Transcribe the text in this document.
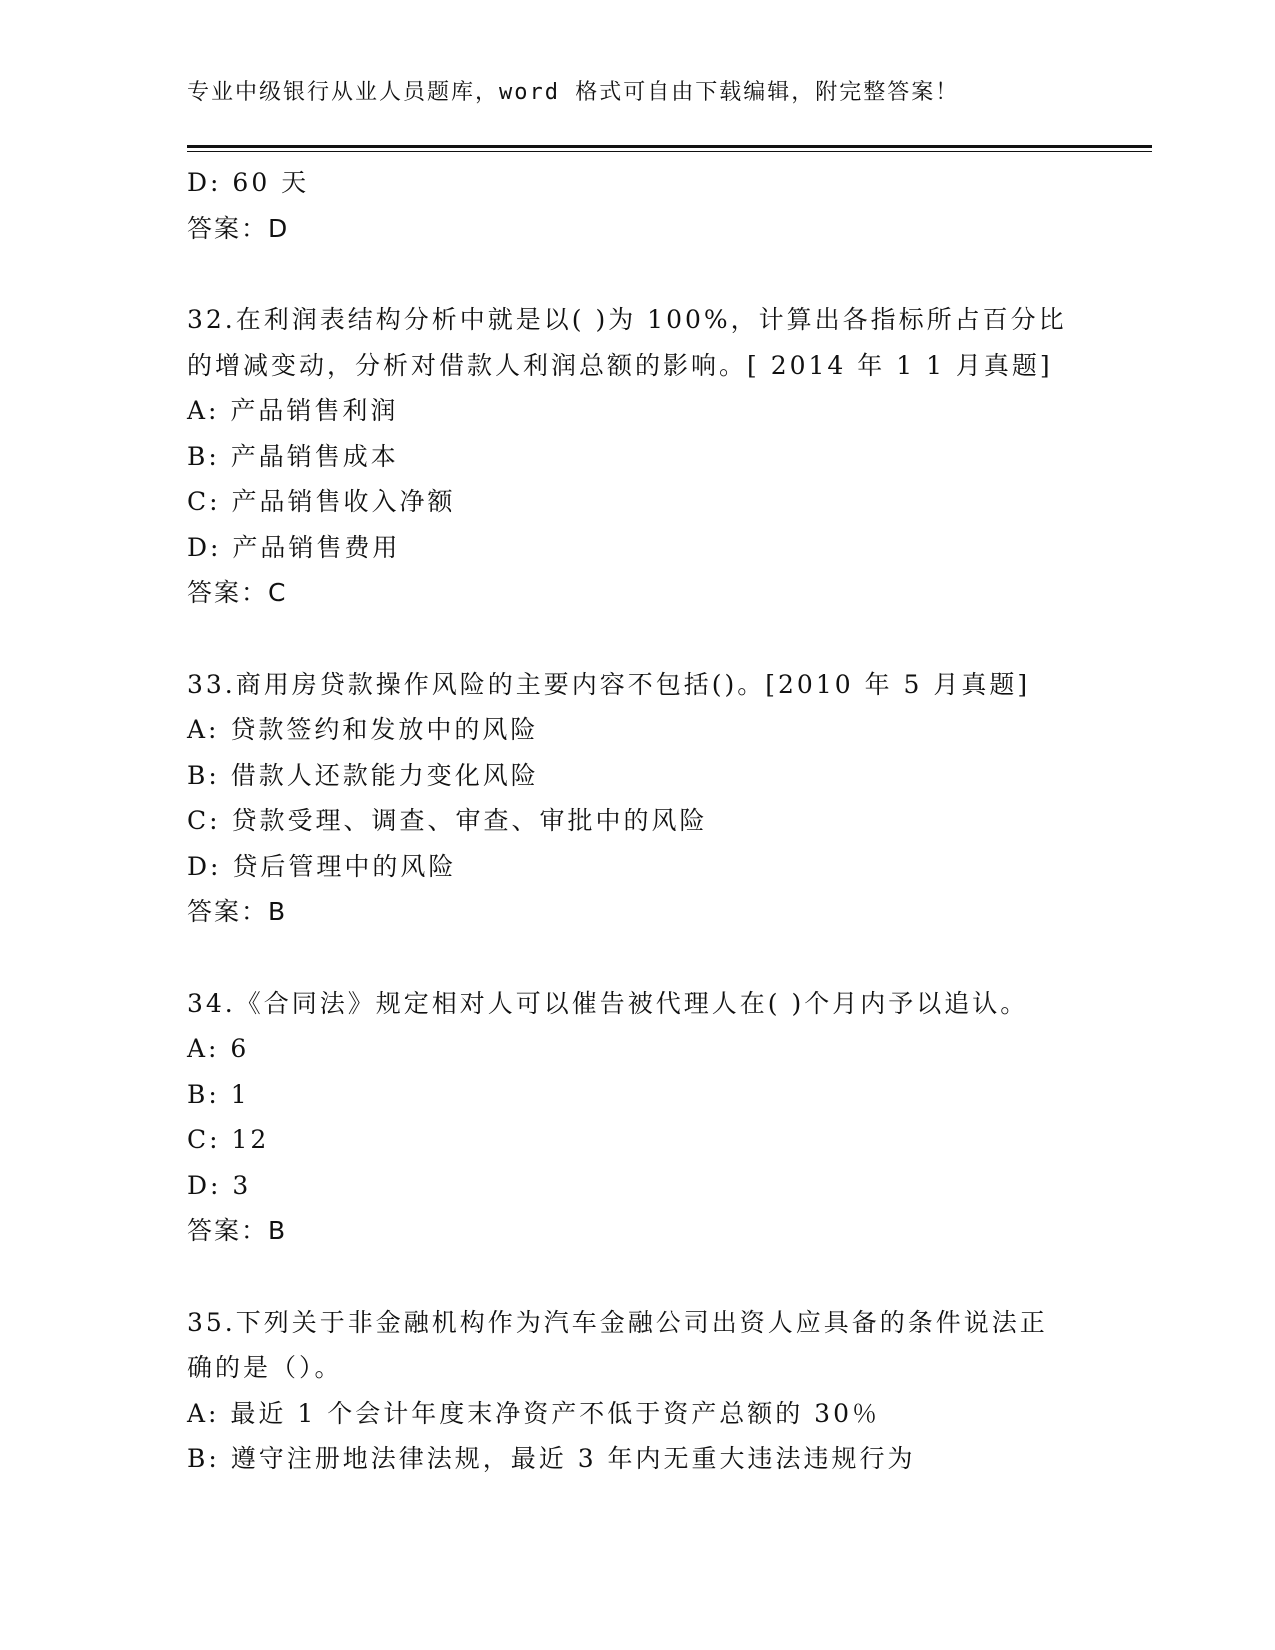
专业中级银行从业人员题库，word 格式可自由下载编辑，附完整答案！
D: 60 天
答案：D
32.在利润表结构分析中就是以( )为 100%，计算出各指标所占百分比
的增减变动，分析对借款人利润总额的影响。[ 2014 年 1 1 月真题]
A: 产品销售利润
B: 产晶销售成本
C: 产品销售收入净额
D: 产品销售费用
答案：C
33.商用房贷款操作风险的主要内容不包括()。[2010 年 5 月真题]
A: 贷款签约和发放中的风险
B: 借款人还款能力变化风险
C: 贷款受理、调查、审查、审批中的风险
D: 贷后管理中的风险
答案：B
34.《合同法》规定相对人可以催告被代理人在( )个月内予以追认。
A: 6
B: 1
C: 12
D: 3
答案：B
35.下列关于非金融机构作为汽车金融公司出资人应具备的条件说法正
确的是（）。
A: 最近 1 个会计年度末净资产不低于资产总额的 30％
B: 遵守注册地法律法规，最近 3 年内无重大违法违规行为
